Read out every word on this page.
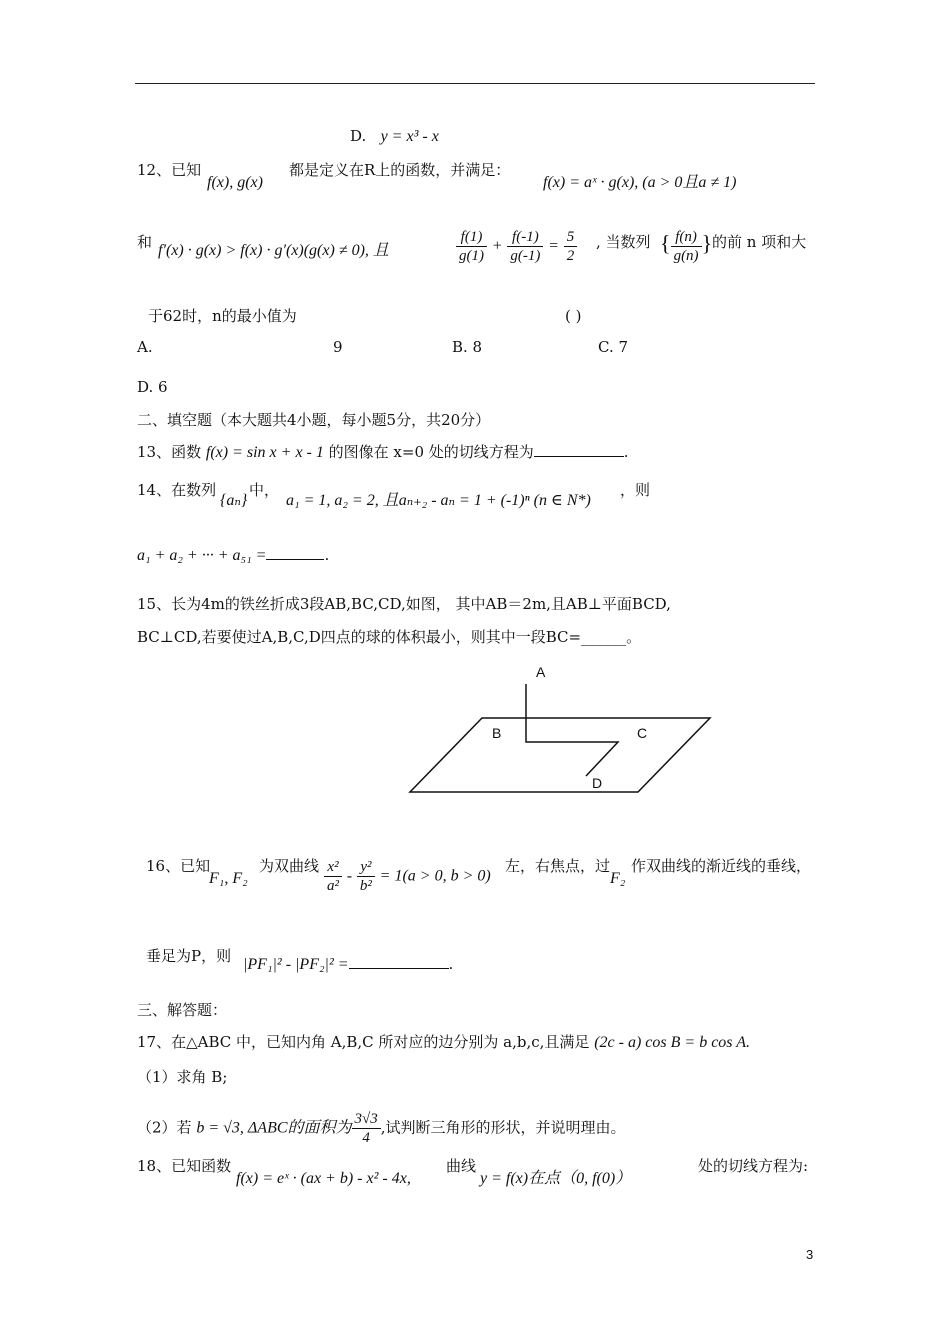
D. y = x³ - x
12、已知
f(x), g(x)
都是定义在R上的函数，并满足：
f(x) = aˣ · g(x), (a > 0且a ≠ 1)
和 f′(x) · g(x) > f(x) · g′(x)(g(x) ≠ 0), 且	$\frac{f(1)}{g(1)} + \frac{f(-1)}{g(-1)} = \frac{5}{2}$ , 当数列 { $\frac{f(n)}{g(n)}$ } 的前 n 项和大
于62时，n的最小值为	( )
A.	9	B. 8	C. 7
D. 6
二、填空题（本大题共4小题，每小题5分，共20分）
13、函数 f(x) = sin x + x - 1 的图像在 x=0 处的切线方程为	.
14、在数列
{aₙ}
中，
a₁ = 1, a₂ = 2, 且aₙ₊₂ - aₙ = 1 + (-1)ⁿ (n ∈ N*)
，则
a₁ + a₂ + ··· + a₅₁ =	.
15、长为4m的铁丝折成3段AB,BC,CD,如图， 其中AB＝2m,且AB⊥平面BCD,
BC⊥CD,若要使过A,B,C,D四点的球的体积最小，则其中一段BC=______。
A
B	C
D
16、已知
F₁, F₂
为双曲线 $\frac{\text{x²}}{\text{a²}} - \frac{\text{y²}}{\text{b²}} = 1(a > 0$, b > 0)
左，右焦点，过
F₂
作双曲线的渐近线的垂线，
垂足为P，则 |PF₁|² - |PF₂|² =	.
三、解答题：
17、在△ABC 中，已知内角 A,B,C 所对应的边分别为 a,b,c,且满足 (2c - a) cos B = b cos A.
（1）求角 B;
（2）若 b = √3, ΔABC的面积为 $\frac{3√3}{4}$ ,试判断三角形的形状，并说明理由。
18、已知函数
f(x) = eˣ · (ax + b) - x² - 4x,
曲线
y = f(x)在点（0, f(0)）
处的切线方程为:
3
